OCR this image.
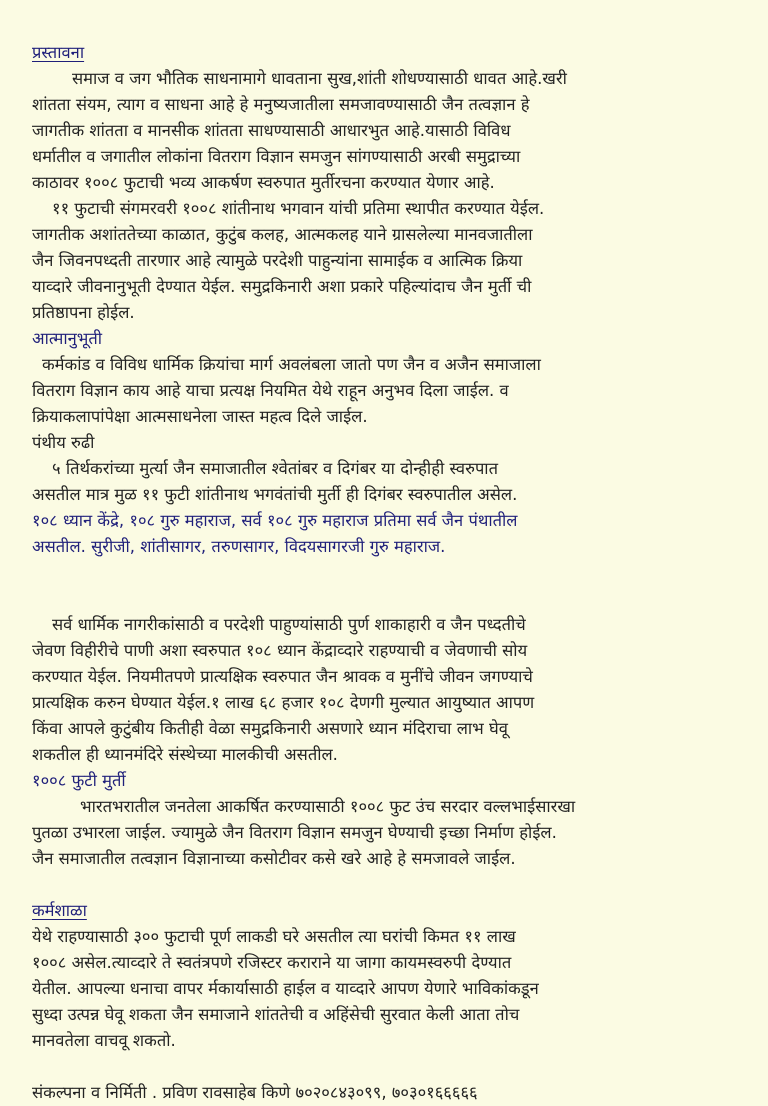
प्रस्तावना
समाज व जग भौतिक साधनामागे धावताना सुख,शांती शोधण्यासाठी धावत आहे.खरी
शांतता संयम, त्याग व साधना आहे हे मनुष्यजातीला समजावण्यासाठी जैन तत्वज्ञान हे
जागतीक शांतता व मानसीक शांतता साधण्यासाठी आधारभुत आहे.यासाठी विविध
धर्मातील व जगातील लोकांना वितराग विज्ञान समजुन सांगण्यासाठी अरबी समुद्राच्या
काठावर १००८ फुटाची भव्य आकर्षण स्वरुपात मुर्तीरचना करण्यात येणार आहे.
११ फुटाची संगमरवरी १००८ शांतीनाथ भगवान यांची प्रतिमा स्थापीत करण्यात येईल.
जागतीक अशांततेच्या काळात, कुटुंब कलह, आत्मकलह याने ग्रासलेल्या मानवजातीला
जैन जिवनपध्दती तारणार आहे त्यामुळे परदेशी पाहुन्यांना सामाईक व आत्मिक क्रिया
याव्दारे जीवनानुभूती देण्यात येईल. समुद्रकिनारी अशा प्रकारे पहिल्यांदाच जैन मुर्ती ची
प्रतिष्ठापना होईल.
आत्मानुभूती
कर्मकांड व विविध धार्मिक क्रियांचा मार्ग अवलंबला जातो पण जैन व अजैन समाजाला
वितराग विज्ञान काय आहे याचा प्रत्यक्ष नियमित येथे राहून अनुभव दिला जाईल. व
क्रियाकलापांपेक्षा आत्मसाधनेला जास्त महत्व दिले जाईल.
पंथीय रुढी
५ तिर्थकरांच्या मुर्त्या जैन समाजातील श्वेतांबर व दिगंबर या दोन्हीही स्वरुपात
असतील मात्र मुळ ११ फुटी शांतीनाथ भगवंतांची मुर्ती ही दिगंबर स्वरुपातील असेल.
१०८ ध्यान केंद्रे, १०८ गुरु महाराज, सर्व १०८ गुरु महाराज प्रतिमा सर्व जैन पंथातील
असतील. सुरीजी, शांतीसागर, तरुणसागर, विदयसागरजी गुरु महाराज.
सर्व धार्मिक नागरीकांसाठी व परदेशी पाहुण्यांसाठी पुर्ण शाकाहारी व जैन पध्दतीचे
जेवण विहीरीचे पाणी अशा स्वरुपात १०८ ध्यान केंद्राव्दारे राहण्याची व जेवणाची सोय
करण्यात येईल. नियमीतपणे प्रात्यक्षिक स्वरुपात जैन श्रावक व मुनींचे जीवन जगण्याचे
प्रात्यक्षिक करुन घेण्यात येईल.१ लाख ६८ हजार १०८ देणगी मुल्यात आयुष्यात आपण
किंवा आपले कुटुंबीय कितीही वेळा समुद्रकिनारी असणारे ध्यान मंदिराचा लाभ घेवू
शकतील ही ध्यानमंदिरे संस्थेच्या मालकीची असतील.
१००८ फुटी मुर्ती
भारतभरातील जनतेला आकर्षित करण्यासाठी १००८ फुट उंच सरदार वल्लभाईसारखा
पुतळा उभारला जाईल. ज्यामुळे जैन वितराग विज्ञान समजुन घेण्याची इच्छा निर्माण होईल.
जैन समाजातील तत्वज्ञान विज्ञानाच्या कसोटीवर कसे खरे आहे हे समजावले जाईल.
कर्मशाळा
येथे राहण्यासाठी ३०० फुटाची पूर्ण लाकडी घरे असतील त्या घरांची किमत ११ लाख
१००८ असेल.त्याव्दारे ते स्वतंत्रपणे रजिस्टर कराराने या जागा कायमस्वरुपी देण्यात
येतील. आपल्या धनाचा वापर र्मकार्यासाठी हाईल व याव्दारे आपण येणारे भाविकांकडून
सुध्दा उत्पन्न घेवू शकता जैन समाजाने शांततेची व अहिंसेची सुरवात केली आता तोच
मानवतेला वाचवू शकतो.
संकल्पना व निर्मिती . प्रविण रावसाहेब किणे ७०२०८४३०९९, ७०३०१६६६६६
